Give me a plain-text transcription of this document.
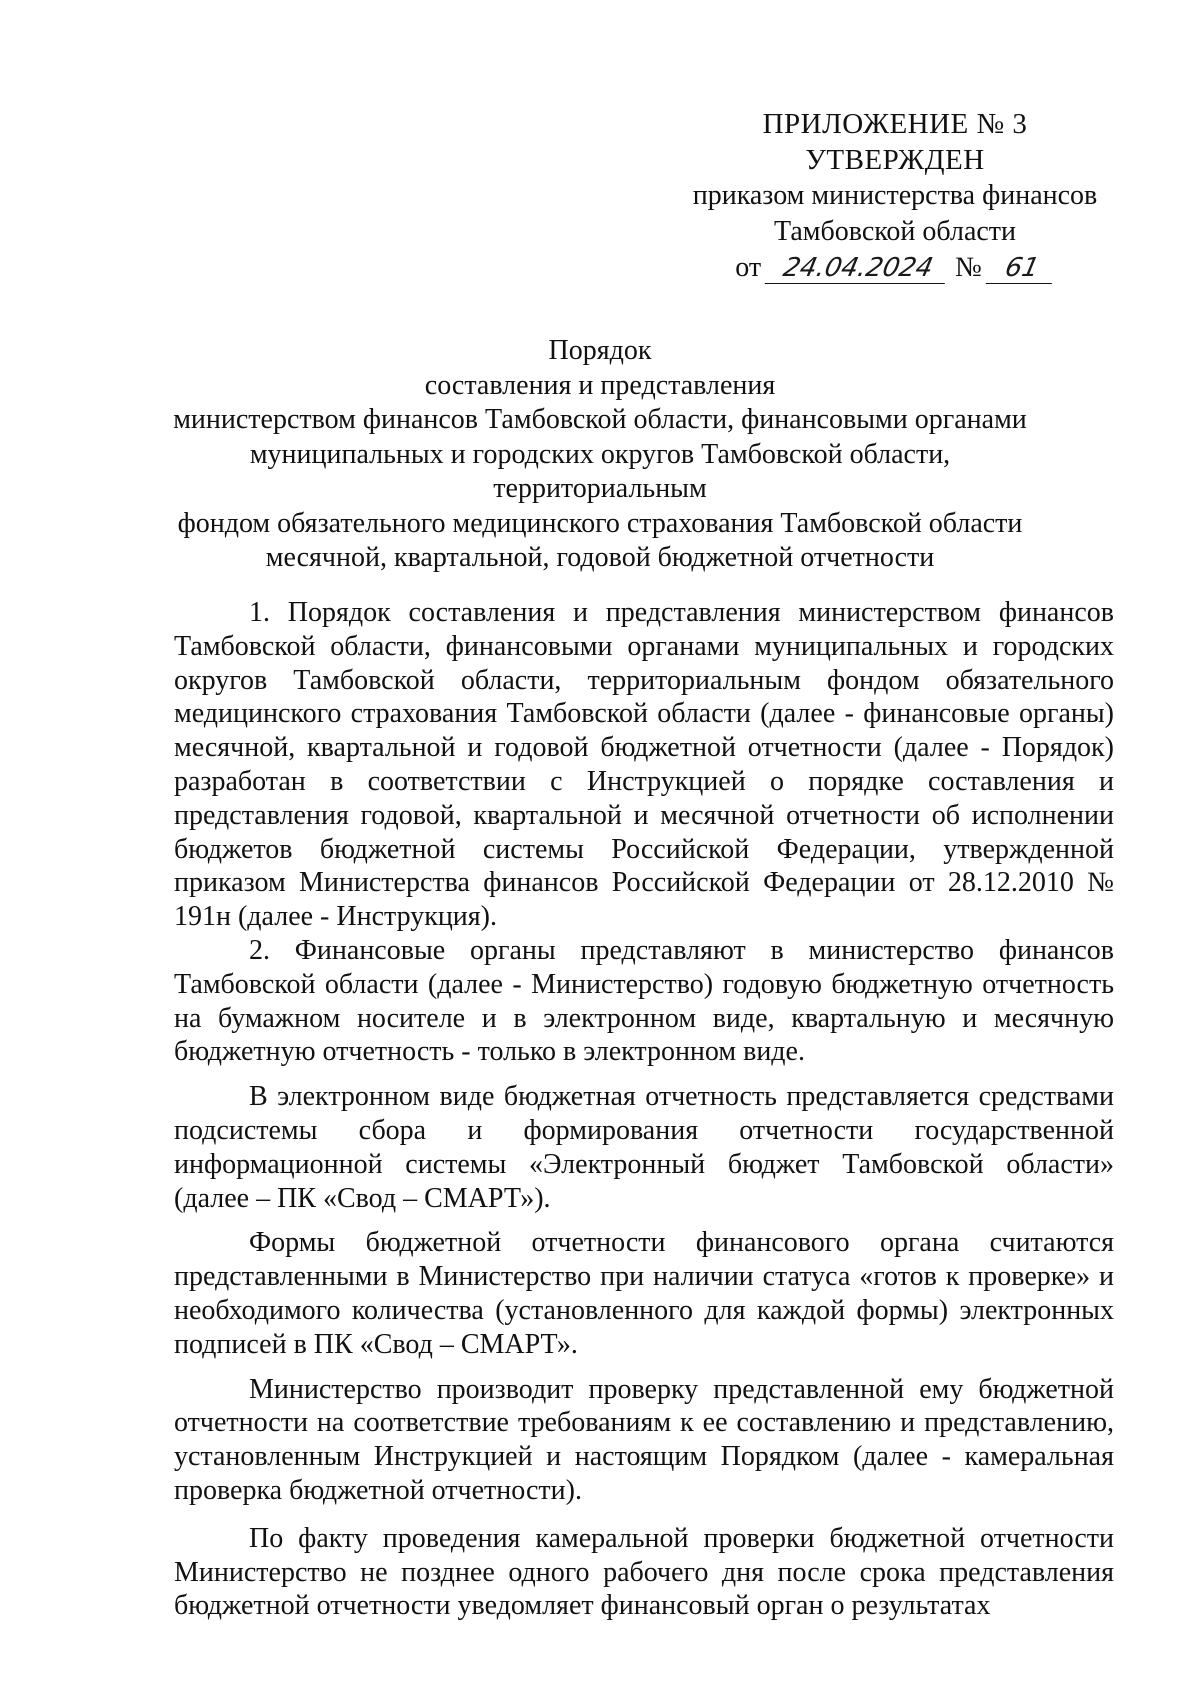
ПРИЛОЖЕНИЕ № 3
УТВЕРЖДЕН
приказом министерства финансов
Тамбовской области
от 24.04.2024 № 61
Порядок
составления и представления
министерством финансов Тамбовской области, финансовыми органами
муниципальных и городских округов Тамбовской области, территориальным
фондом обязательного медицинского страхования Тамбовской области
месячной, квартальной, годовой бюджетной отчетности

1. Порядок составления и представления министерством финансов Тамбовской области, финансовыми органами муниципальных и городских округов Тамбовской области, территориальным фондом обязательного медицинского страхования Тамбовской области (далее - финансовые органы) месячной, квартальной и годовой бюджетной отчетности (далее - Порядок) разработан в соответствии с Инструкцией о порядке составления и представления годовой, квартальной и месячной отчетности об исполнении бюджетов бюджетной системы Российской Федерации, утвержденной приказом Министерства финансов Российской Федерации от 28.12.2010 № 191н (далее - Инструкция).

2. Финансовые органы представляют в министерство финансов Тамбовской области (далее - Министерство) годовую бюджетную отчетность на бумажном носителе и в электронном виде, квартальную и месячную бюджетную отчетность - только в электронном виде.

В электронном виде бюджетная отчетность представляется средствами подсистемы сбора и формирования отчетности государственной информационной системы «Электронный бюджет Тамбовской области» (далее – ПК «Свод – СМАРТ»).

Формы бюджетной отчетности финансового органа считаются представленными в Министерство при наличии статуса «готов к проверке» и необходимого количества (установленного для каждой формы) электронных подписей в ПК «Свод – СМАРТ».

Министерство производит проверку представленной ему бюджетной отчетности на соответствие требованиям к ее составлению и представлению, установленным Инструкцией и настоящим Порядком (далее - камеральная проверка бюджетной отчетности).

По факту проведения камеральной проверки бюджетной отчетности Министерство не позднее одного рабочего дня после срока представления бюджетной отчетности уведомляет финансовый орган о результатах
